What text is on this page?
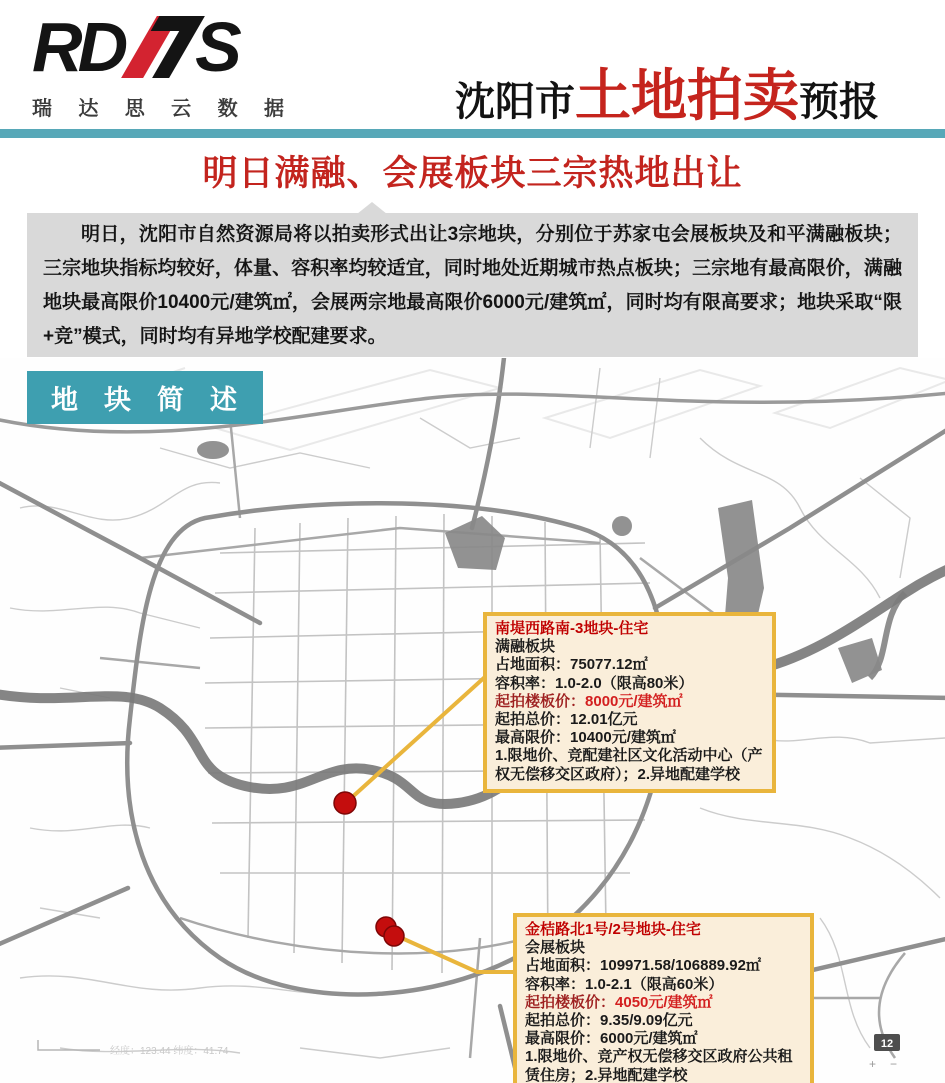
R D S
瑞 达 思 云 数 据	沈阳市 土地拍卖 预报
明日满融、会展板块三宗热地出让
明日，沈阳市自然资源局将以拍卖形式出让3宗地块，分别位于苏家屯会展板块及和平满融板块；三宗地块指标均较好，体量、容积率均较适宜，同时地处近期城市热点板块；三宗地有最高限价，满融地块最高限价10400元/建筑㎡，会展两宗地最高限价6000元/建筑㎡，同时均有限高要求；地块采取“限+竞”模式，同时均有异地学校配建要求。
经度：123.44 纬度：41.74
12
+ −
地块简述
南堤西路南-3地块-住宅
满融板块
占地面积：75077.12㎡
容积率：1.0-2.0（限高80米）
起拍楼板价：8000元/建筑㎡
起拍总价：12.01亿元
最高限价：10400元/建筑㎡
1.限地价、竞配建社区文化活动中心（产权无偿移交区政府）；2.异地配建学校
金桔路北1号/2号地块-住宅
会展板块
占地面积：109971.58/106889.92㎡
容积率：1.0-2.1（限高60米）
起拍楼板价：4050元/建筑㎡
起拍总价：9.35/9.09亿元
最高限价：6000元/建筑㎡
1.限地价、竞产权无偿移交区政府公共租赁住房；2.异地配建学校
